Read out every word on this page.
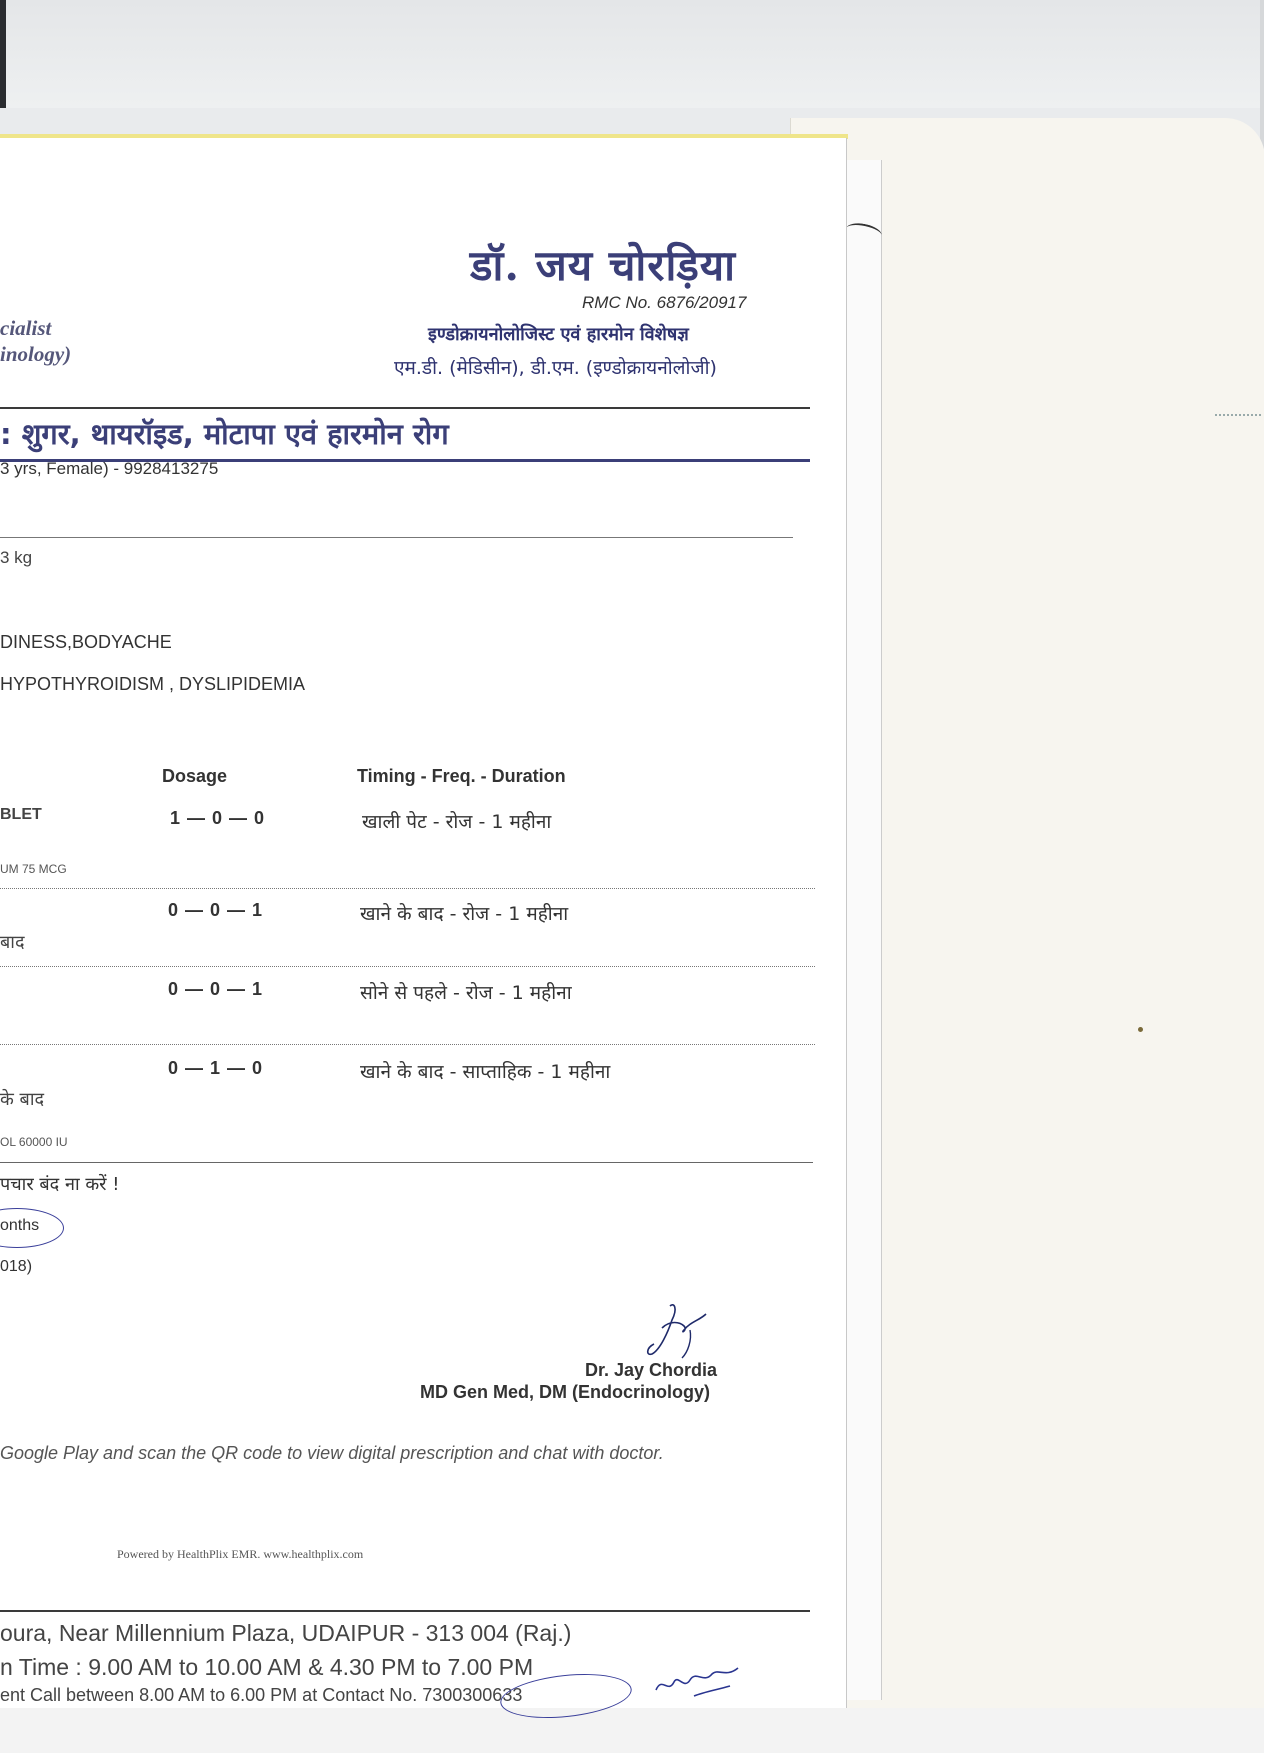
डॉ. जय चोरड़िया
RMC No. 6876/20917
इण्डोक्रायनोलोजिस्ट एवं हारमोन विशेषज्ञ
एम.डी. (मेडिसीन), डी.एम. (इण्डोक्रायनोलोजी)
cialist
inology)
: शुगर, थायरॉइड, मोटापा एवं हारमोन रोग
3 yrs, Female) - 9928413275
3 kg
DINESS,BODYACHE
HYPOTHYROIDISM , DYSLIPIDEMIA
Dosage	Timing - Freq. - Duration
BLET
UM 75 MCG
1 — 0 — 0	खाली पेट - रोज - 1 महीना
बाद
0 — 0 — 1	खाने के बाद - रोज - 1 महीना
0 — 0 — 1	सोने से पहले - रोज - 1 महीना
0 — 1 — 0	खाने के बाद - साप्ताहिक - 1 महीना
के बाद
OL 60000 IU
पचार बंद ना करें !
onths
018)
Dr. Jay Chordia
MD Gen Med, DM (Endocrinology)
Google Play and scan the QR code to view digital prescription and chat with doctor.
Powered by HealthPlix EMR. www.healthplix.com
oura, Near Millennium Plaza, UDAIPUR - 313 004 (Raj.)
n Time : 9.00 AM to 10.00 AM & 4.30 PM to 7.00 PM
ent Call between 8.00 AM to 6.00 PM at Contact No. 7300300633
